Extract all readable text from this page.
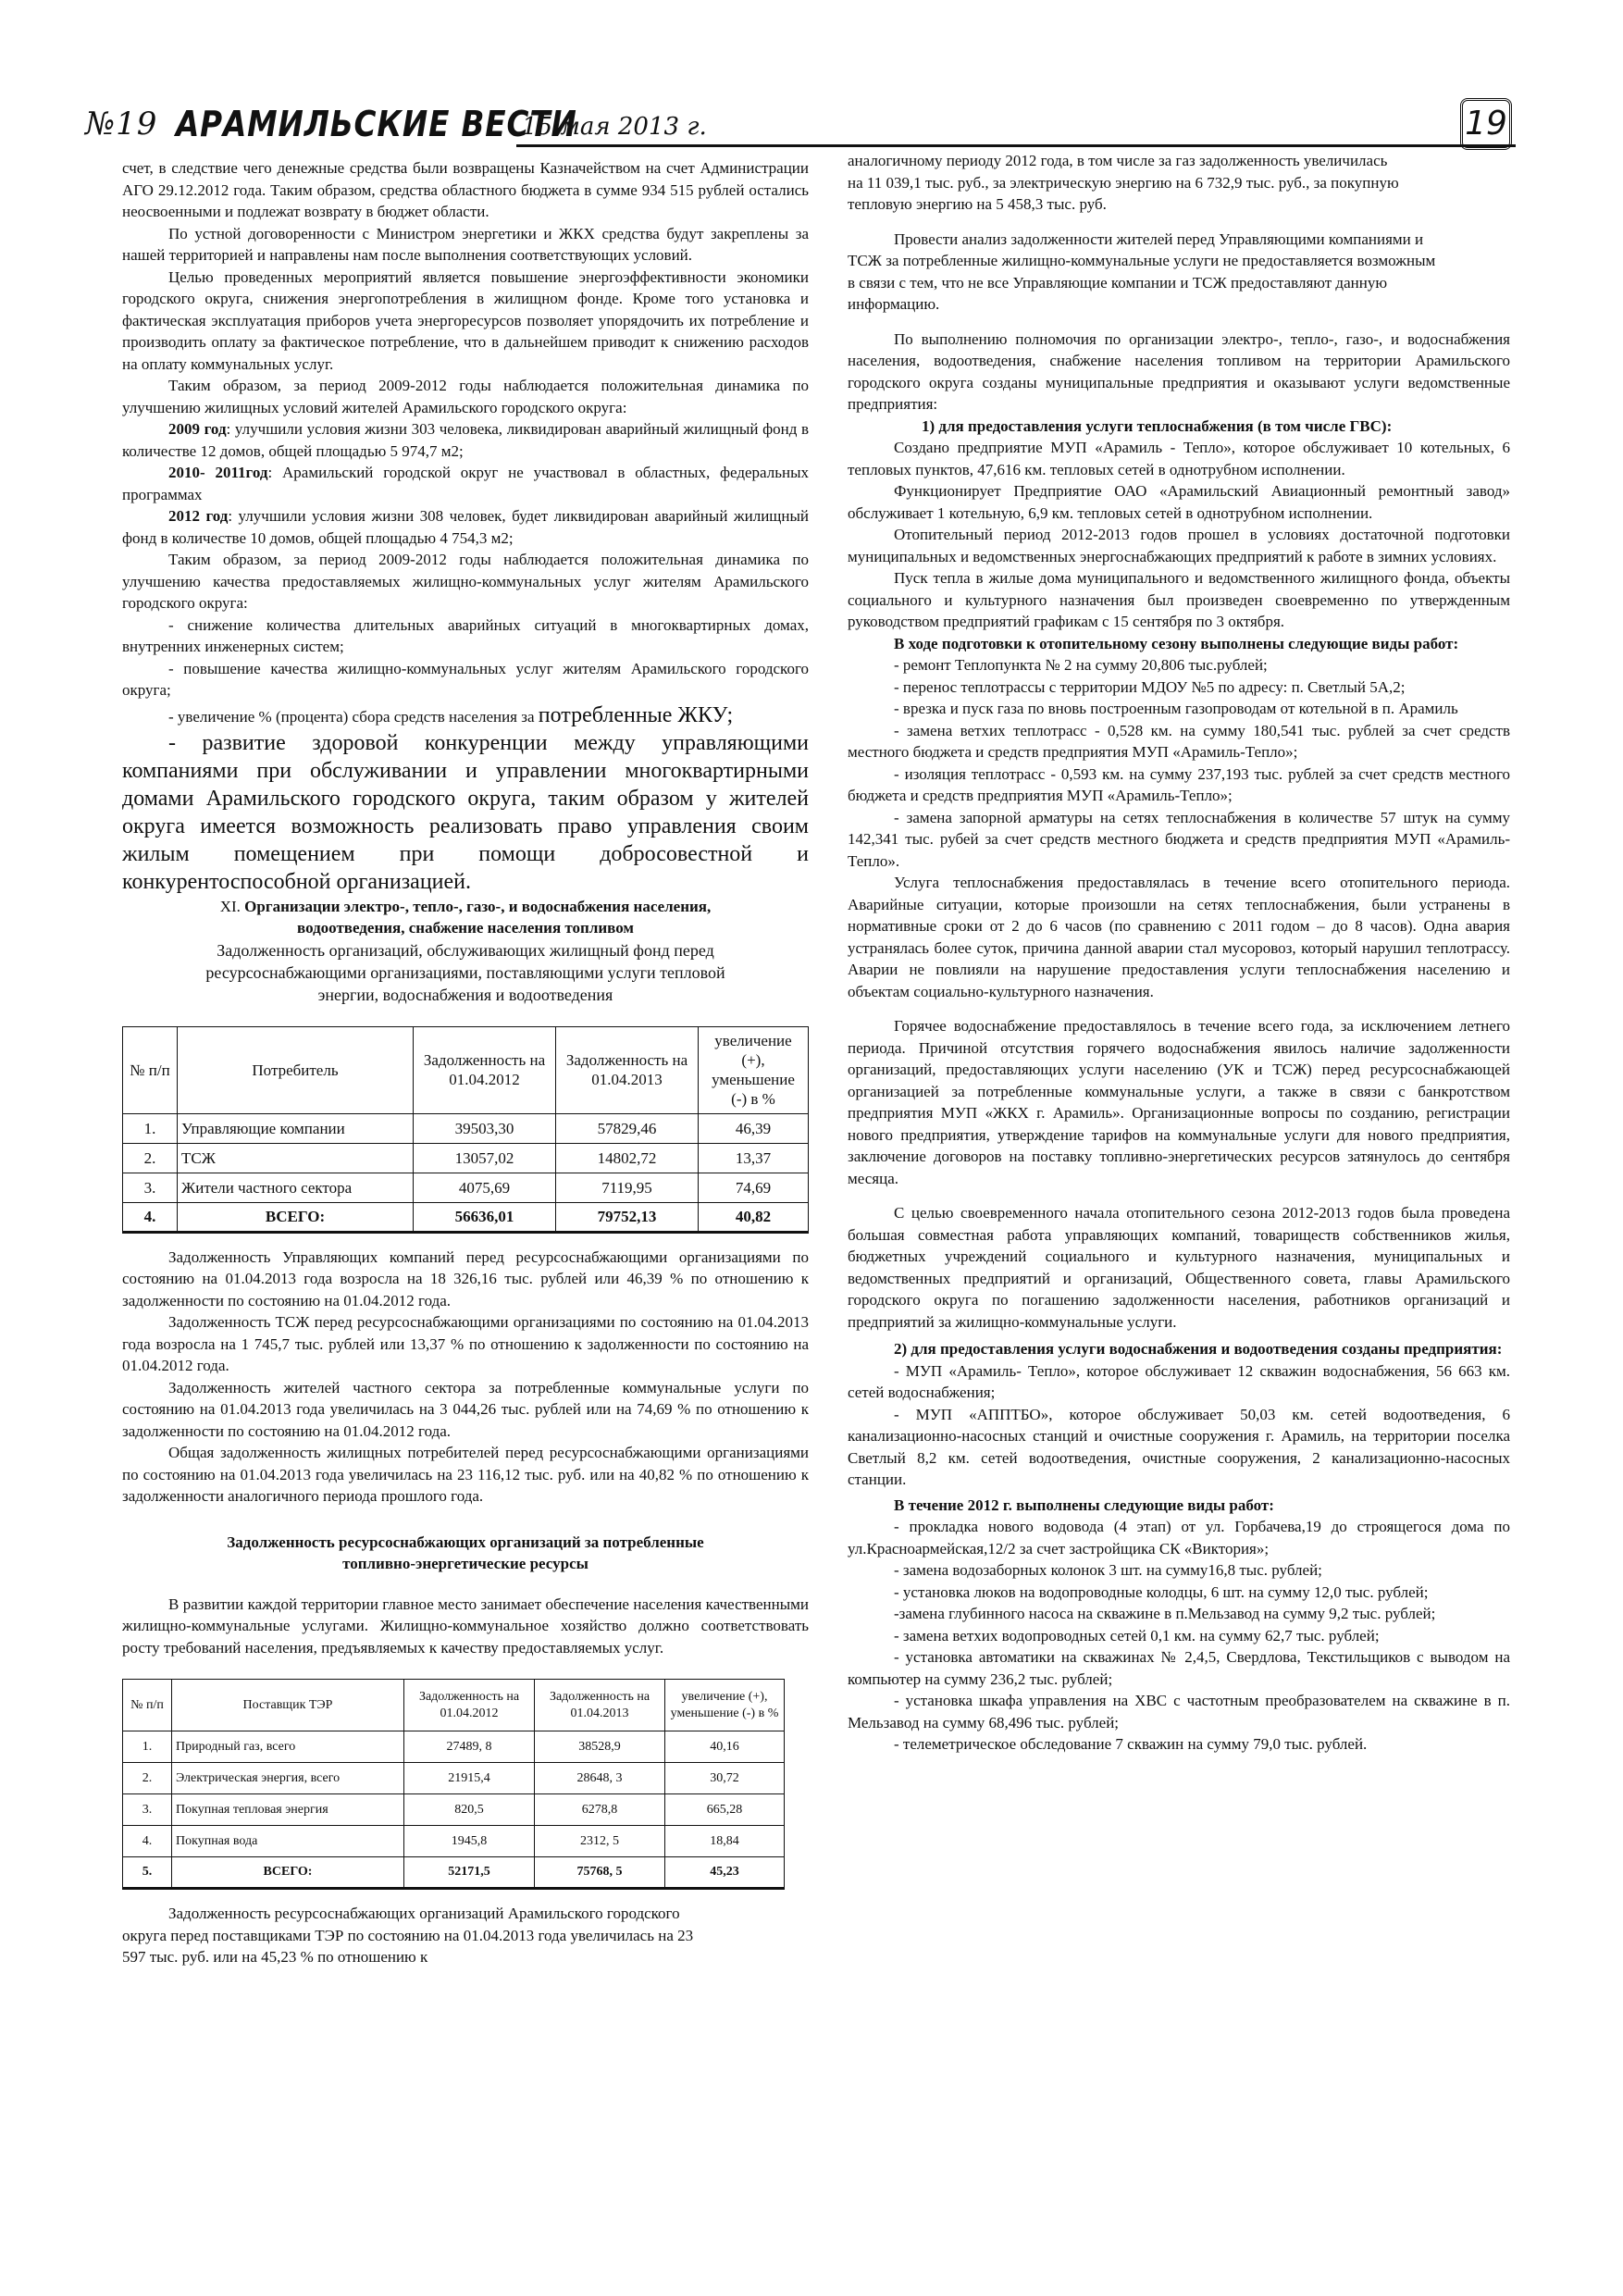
№19 АРАМИЛЬСКИЕ ВЕСТИ
15 мая 2013 г.	19

счет, в следствие чего денежные средства были возвращены Казначейством на счет Администрации АГО 29.12.2012 года. Таким образом, средства областного бюджета в сумме 934 515 рублей остались неосвоенными и подлежат возврату в бюджет области.

По устной договоренности с Министром энергетики и ЖКХ средства будут закреплены за нашей территорией и направлены нам после выполнения соответствующих условий.

Целью проведенных мероприятий является повышение энергоэффективности экономики городского округа, снижения энергопотребления в жилищном фонде. Кроме того установка и фактическая эксплуатация приборов учета энергоресурсов позволяет упорядочить их потребление и производить оплату за фактическое потребление, что в дальнейшем приводит к снижению расходов на оплату коммунальных услуг.

Таким образом, за период 2009-2012 годы наблюдается положительная динамика по улучшению жилищных условий жителей Арамильского городского округа:

2009 год: улучшили условия жизни 303 человека, ликвидирован аварийный жилищный фонд в количестве 12 домов, общей площадью 5 974,7 м2;

2010- 2011год: Арамильский городской округ не участвовал в областных, федеральных программах

2012 год: улучшили условия жизни 308 человек, будет ликвидирован аварийный жилищный фонд в количестве 10 домов, общей площадью 4 754,3 м2;

Таким образом, за период 2009-2012 годы наблюдается положительная динамика по улучшению качества предоставляемых жилищно-коммунальных услуг жителям Арамильского городского округа:

- снижение количества длительных аварийных ситуаций в многоквартирных домах, внутренних инженерных систем;

- повышение качества жилищно-коммунальных услуг жителям Арамильского городского округа;

- увеличение % (процента) сбора средств населения за потребленные ЖКУ;

- развитие здоровой конкуренции между управляющими компаниями при обслуживании и управлении многоквартирными домами Арамильского городского округа, таким образом у жителей округа имеется возможность реализовать право управления своим жилым помещением при помощи добросовестной и конкурентоспособной организацией.

XI. Организации электро-, тепло-, газо-, и водоснабжения населения, водоотведения, снабжение населения топливом

Задолженность организаций, обслуживающих жилищный фонд перед ресурсоснабжающими организациями, поставляющими услуги тепловой энергии, водоснабжения и водоотведения

№ п/п	Потребитель	Задолженность на 01.04.2012	Задолженность на 01.04.2013	увеличение (+), уменьшение (-) в %
1.	Управляющие компании	39503,30	57829,46	46,39
2.	ТСЖ	13057,02	14802,72	13,37
3.	Жители частного сектора	4075,69	7119,95	74,69
4.	ВСЕГО:	56636,01	79752,13	40,82

Задолженность Управляющих компаний перед ресурсоснабжающими организациями по состоянию на 01.04.2013 года возросла на 18 326,16 тыс. рублей или 46,39 % по отношению к задолженности по состоянию на 01.04.2012 года.

Задолженность ТСЖ перед ресурсоснабжающими организациями по состоянию на 01.04.2013 года возросла на 1 745,7 тыс. рублей или 13,37 % по отношению к задолженности по состоянию на 01.04.2012 года.

Задолженность жителей частного сектора за потребленные коммунальные услуги по состоянию на 01.04.2013 года увеличилась на 3 044,26 тыс. рублей или на 74,69 % по отношению к задолженности по состоянию на 01.04.2012 года.

Общая задолженность жилищных потребителей перед ресурсоснабжающими организациями по состоянию на 01.04.2013 года увеличилась на 23 116,12 тыс. руб. или на 40,82 % по отношению к задолженности аналогичного периода прошлого года.

Задолженность ресурсоснабжающих организаций за потребленные топливно-энергетические ресурсы

В развитии каждой территории главное место занимает обеспечение населения качественными жилищно-коммунальные услугами. Жилищно-коммунальное хозяйство должно соответствовать росту требований населения, предъявляемых к качеству предоставляемых услуг.

№ п/п	Поставщик ТЭР	Задолженность на 01.04.2012	Задолженность на 01.04.2013	увеличение (+), уменьшение (-) в %
1.	Природный газ, всего	27489, 8	38528,9	40,16
2.	Электрическая энергия, всего	21915,4	28648, 3	30,72
3.	Покупная тепловая энергия	820,5	6278,8	665,28
4.	Покупная вода	1945,8	2312, 5	18,84
5.	ВСЕГО:	52171,5	75768, 5	45,23

Задолженность ресурсоснабжающих организаций Арамильского городского округа перед поставщиками ТЭР по состоянию на 01.04.2013 года увеличилась на 23 597 тыс. руб. или на 45,23 % по отношению к

аналогичному периоду 2012 года, в том числе за газ задолженность увеличилась на 11 039,1 тыс. руб., за электрическую энергию на 6 732,9 тыс. руб., за покупную тепловую энергию на 5 458,3 тыс. руб.

Провести анализ задолженности жителей перед Управляющими компаниями и ТСЖ за потребленные жилищно-коммунальные услуги не предоставляется возможным в связи с тем, что не все Управляющие компании и ТСЖ предоставляют данную информацию.

По выполнению полномочия по организации электро-, тепло-, газо-, и водоснабжения населения, водоотведения, снабжение населения топливом на территории Арамильского городского округа созданы муниципальные предприятия и оказывают услуги ведомственные предприятия:

1) для предоставления услуги теплоснабжения (в том числе ГВС):

Создано предприятие МУП «Арамиль - Тепло», которое обслуживает 10 котельных, 6 тепловых пунктов, 47,616 км. тепловых сетей в однотрубном исполнении.

Функционирует Предприятие ОАО «Арамильский Авиационный ремонтный завод» обслуживает 1 котельную, 6,9 км. тепловых сетей в однотрубном исполнении.

Отопительный период 2012-2013 годов прошел в условиях достаточной подготовки муниципальных и ведомственных энергоснабжающих предприятий к работе в зимних условиях.

Пуск тепла в жилые дома муниципального и ведомственного жилищного фонда, объекты социального и культурного назначения был произведен своевременно по утвержденным руководством предприятий графикам с 15 сентября по 3 октября.

В ходе подготовки к отопительному сезону выполнены следующие виды работ:

- ремонт Теплопункта № 2 на сумму 20,806 тыс.рублей;

- перенос теплотрассы с территории МДОУ №5 по адресу: п. Светлый 5А,2;

- врезка и пуск газа по вновь построенным газопроводам от котельной в п. Арамиль

- замена ветхих теплотрасс - 0,528 км. на сумму 180,541 тыс. рублей за счет средств местного бюджета и средств предприятия МУП «Арамиль-Тепло»;

- изоляция теплотрасс - 0,593 км. на сумму 237,193 тыс. рублей за счет средств местного бюджета и средств предприятия МУП «Арамиль-Тепло»;

- замена запорной арматуры на сетях теплоснабжения в количестве 57 штук на сумму 142,341 тыс. рубей за счет средств местного бюджета и средств предприятия МУП «Арамиль-Тепло».

Услуга теплоснабжения предоставлялась в течение всего отопительного периода. Аварийные ситуации, которые произошли на сетях теплоснабжения, были устранены в нормативные сроки от 2 до 6 часов (по сравнению с 2011 годом – до 8 часов). Одна авария устранялась более суток, причина данной аварии стал мусоровоз, который нарушил теплотрассу. Аварии не повлияли на нарушение предоставления услуги теплоснабжения населению и объектам социально-культурного назначения.

Горячее водоснабжение предоставлялось в течение всего года, за исключением летнего периода. Причиной отсутствия горячего водоснабжения явилось наличие задолженности организаций, предоставляющих услуги населению (УК и ТСЖ) перед ресурсоснабжающей организацией за потребленные коммунальные услуги, а также в связи с банкротством предприятия МУП «ЖКХ г. Арамиль». Организационные вопросы по созданию, регистрации нового предприятия, утверждение тарифов на коммунальные услуги для нового предприятия, заключение договоров на поставку топливно-энергетических ресурсов затянулось до сентября месяца.

С целью своевременного начала отопительного сезона 2012-2013 годов была проведена большая совместная работа управляющих компаний, товариществ собственников жилья, бюджетных учреждений социального и культурного назначения, муниципальных и ведомственных предприятий и организаций, Общественного совета, главы Арамильского городского округа по погашению задолженности населения, работников организаций и предприятий за жилищно-коммунальные услуги.

2) для предоставления услуги водоснабжения и водоотведения созданы предприятия:

- МУП «Арамиль- Тепло», которое обслуживает 12 скважин водоснабжения, 56 663 км. сетей водоснабжения;

- МУП «АППТБО», которое обслуживает 50,03 км. сетей водоотведения, 6 канализационно-насосных станций и очистные сооружения г. Арамиль, на территории поселка Светлый 8,2 км. сетей водоотведения, очистные сооружения, 2 канализационно-насосных станции.

В течение 2012 г. выполнены следующие виды работ:

- прокладка нового водовода (4 этап) от ул. Горбачева,19 до строящегося дома по ул.Красноармейская,12/2 за счет застройщика СК «Виктория»;

- замена водозаборных колонок 3 шт. на сумму16,8 тыс. рублей;

- установка люков на водопроводные колодцы, 6 шт. на сумму 12,0 тыс. рублей;

-замена глубинного насоса на скважине в п.Мельзавод на сумму 9,2 тыс. рублей;

- замена ветхих водопроводных сетей 0,1 км. на сумму 62,7 тыс. рублей;

- установка автоматики на скважинах № 2,4,5, Свердлова, Текстильщиков с выводом на компьютер на сумму 236,2 тыс. рублей;

- установка шкафа управления на ХВС с частотным преобразователем на скважине в п. Мельзавод на сумму 68,496 тыс. рублей;

- телеметрическое обследование 7 скважин на сумму 79,0 тыс. рублей.
